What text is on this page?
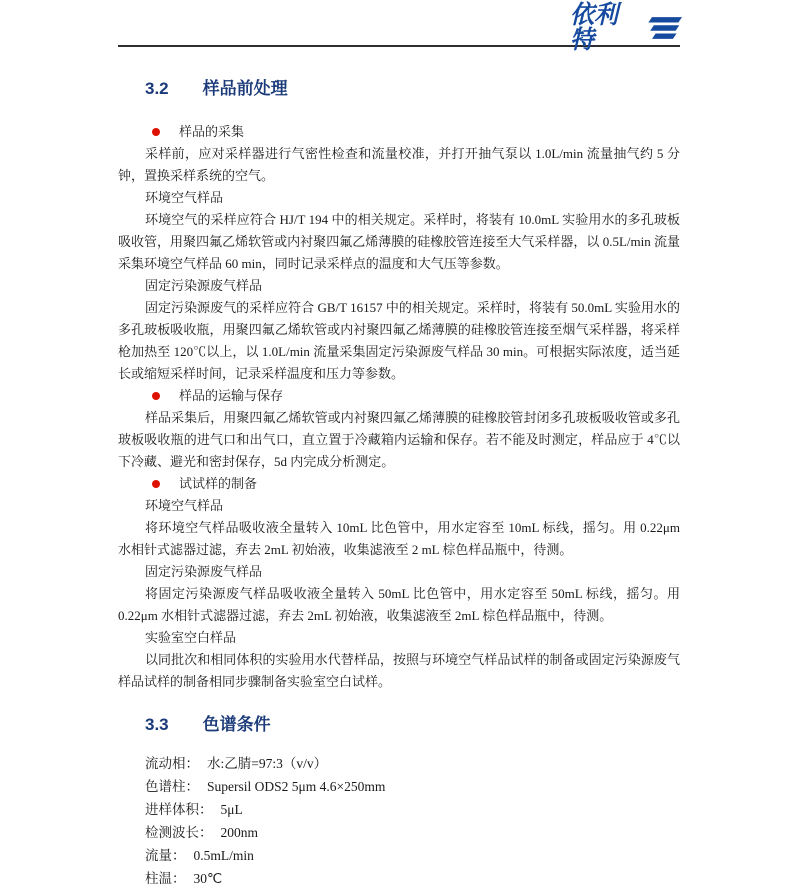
依利特
3.2 样品前处理
样品的采集

采样前，应对采样器进行气密性检查和流量校准，并打开抽气泵以 1.0L/min 流量抽气约 5 分钟，置换采样系统的空气。

环境空气样品

环境空气的采样应符合 HJ/T 194 中的相关规定。采样时，将装有 10.0mL 实验用水的多孔玻板吸收管，用聚四氟乙烯软管或内衬聚四氟乙烯薄膜的硅橡胶管连接至大气采样器，以 0.5L/min 流量采集环境空气样品 60 min，同时记录采样点的温度和大气压等参数。

固定污染源废气样品

固定污染源废气的采样应符合 GB/T 16157 中的相关规定。采样时，将装有 50.0mL 实验用水的多孔玻板吸收瓶，用聚四氟乙烯软管或内衬聚四氟乙烯薄膜的硅橡胶管连接至烟气采样器，将采样枪加热至 120℃以上，以 1.0L/min 流量采集固定污染源废气样品 30 min。可根据实际浓度，适当延长或缩短采样时间，记录采样温度和压力等参数。

样品的运输与保存

样品采集后，用聚四氟乙烯软管或内衬聚四氟乙烯薄膜的硅橡胶管封闭多孔玻板吸收管或多孔玻板吸收瓶的进气口和出气口，直立置于冷藏箱内运输和保存。若不能及时测定，样品应于 4℃以下冷藏、避光和密封保存，5d 内完成分析测定。

试试样的制备

环境空气样品

将环境空气样品吸收液全量转入 10mL 比色管中，用水定容至 10mL 标线，摇匀。用 0.22μm 水相针式滤器过滤，弃去 2mL 初始液，收集滤液至 2 mL 棕色样品瓶中，待测。

固定污染源废气样品

将固定污染源废气样品吸收液全量转入 50mL 比色管中，用水定容至 50mL 标线，摇匀。用 0.22μm 水相针式滤器过滤，弃去 2mL 初始液，收集滤液至 2mL 棕色样品瓶中，待测。

实验室空白样品

以同批次和相同体积的实验用水代替样品，按照与环境空气样品试样的制备或固定污染源废气样品试样的制备相同步骤制备实验室空白试样。

3.3 色谱条件
流动相： 水:乙腈=97:3（v/v）
色谱柱： Supersil ODS2 5μm 4.6×250mm
进样体积： 5μL
检测波长： 200nm
流量： 0.5mL/min
柱温： 30℃
